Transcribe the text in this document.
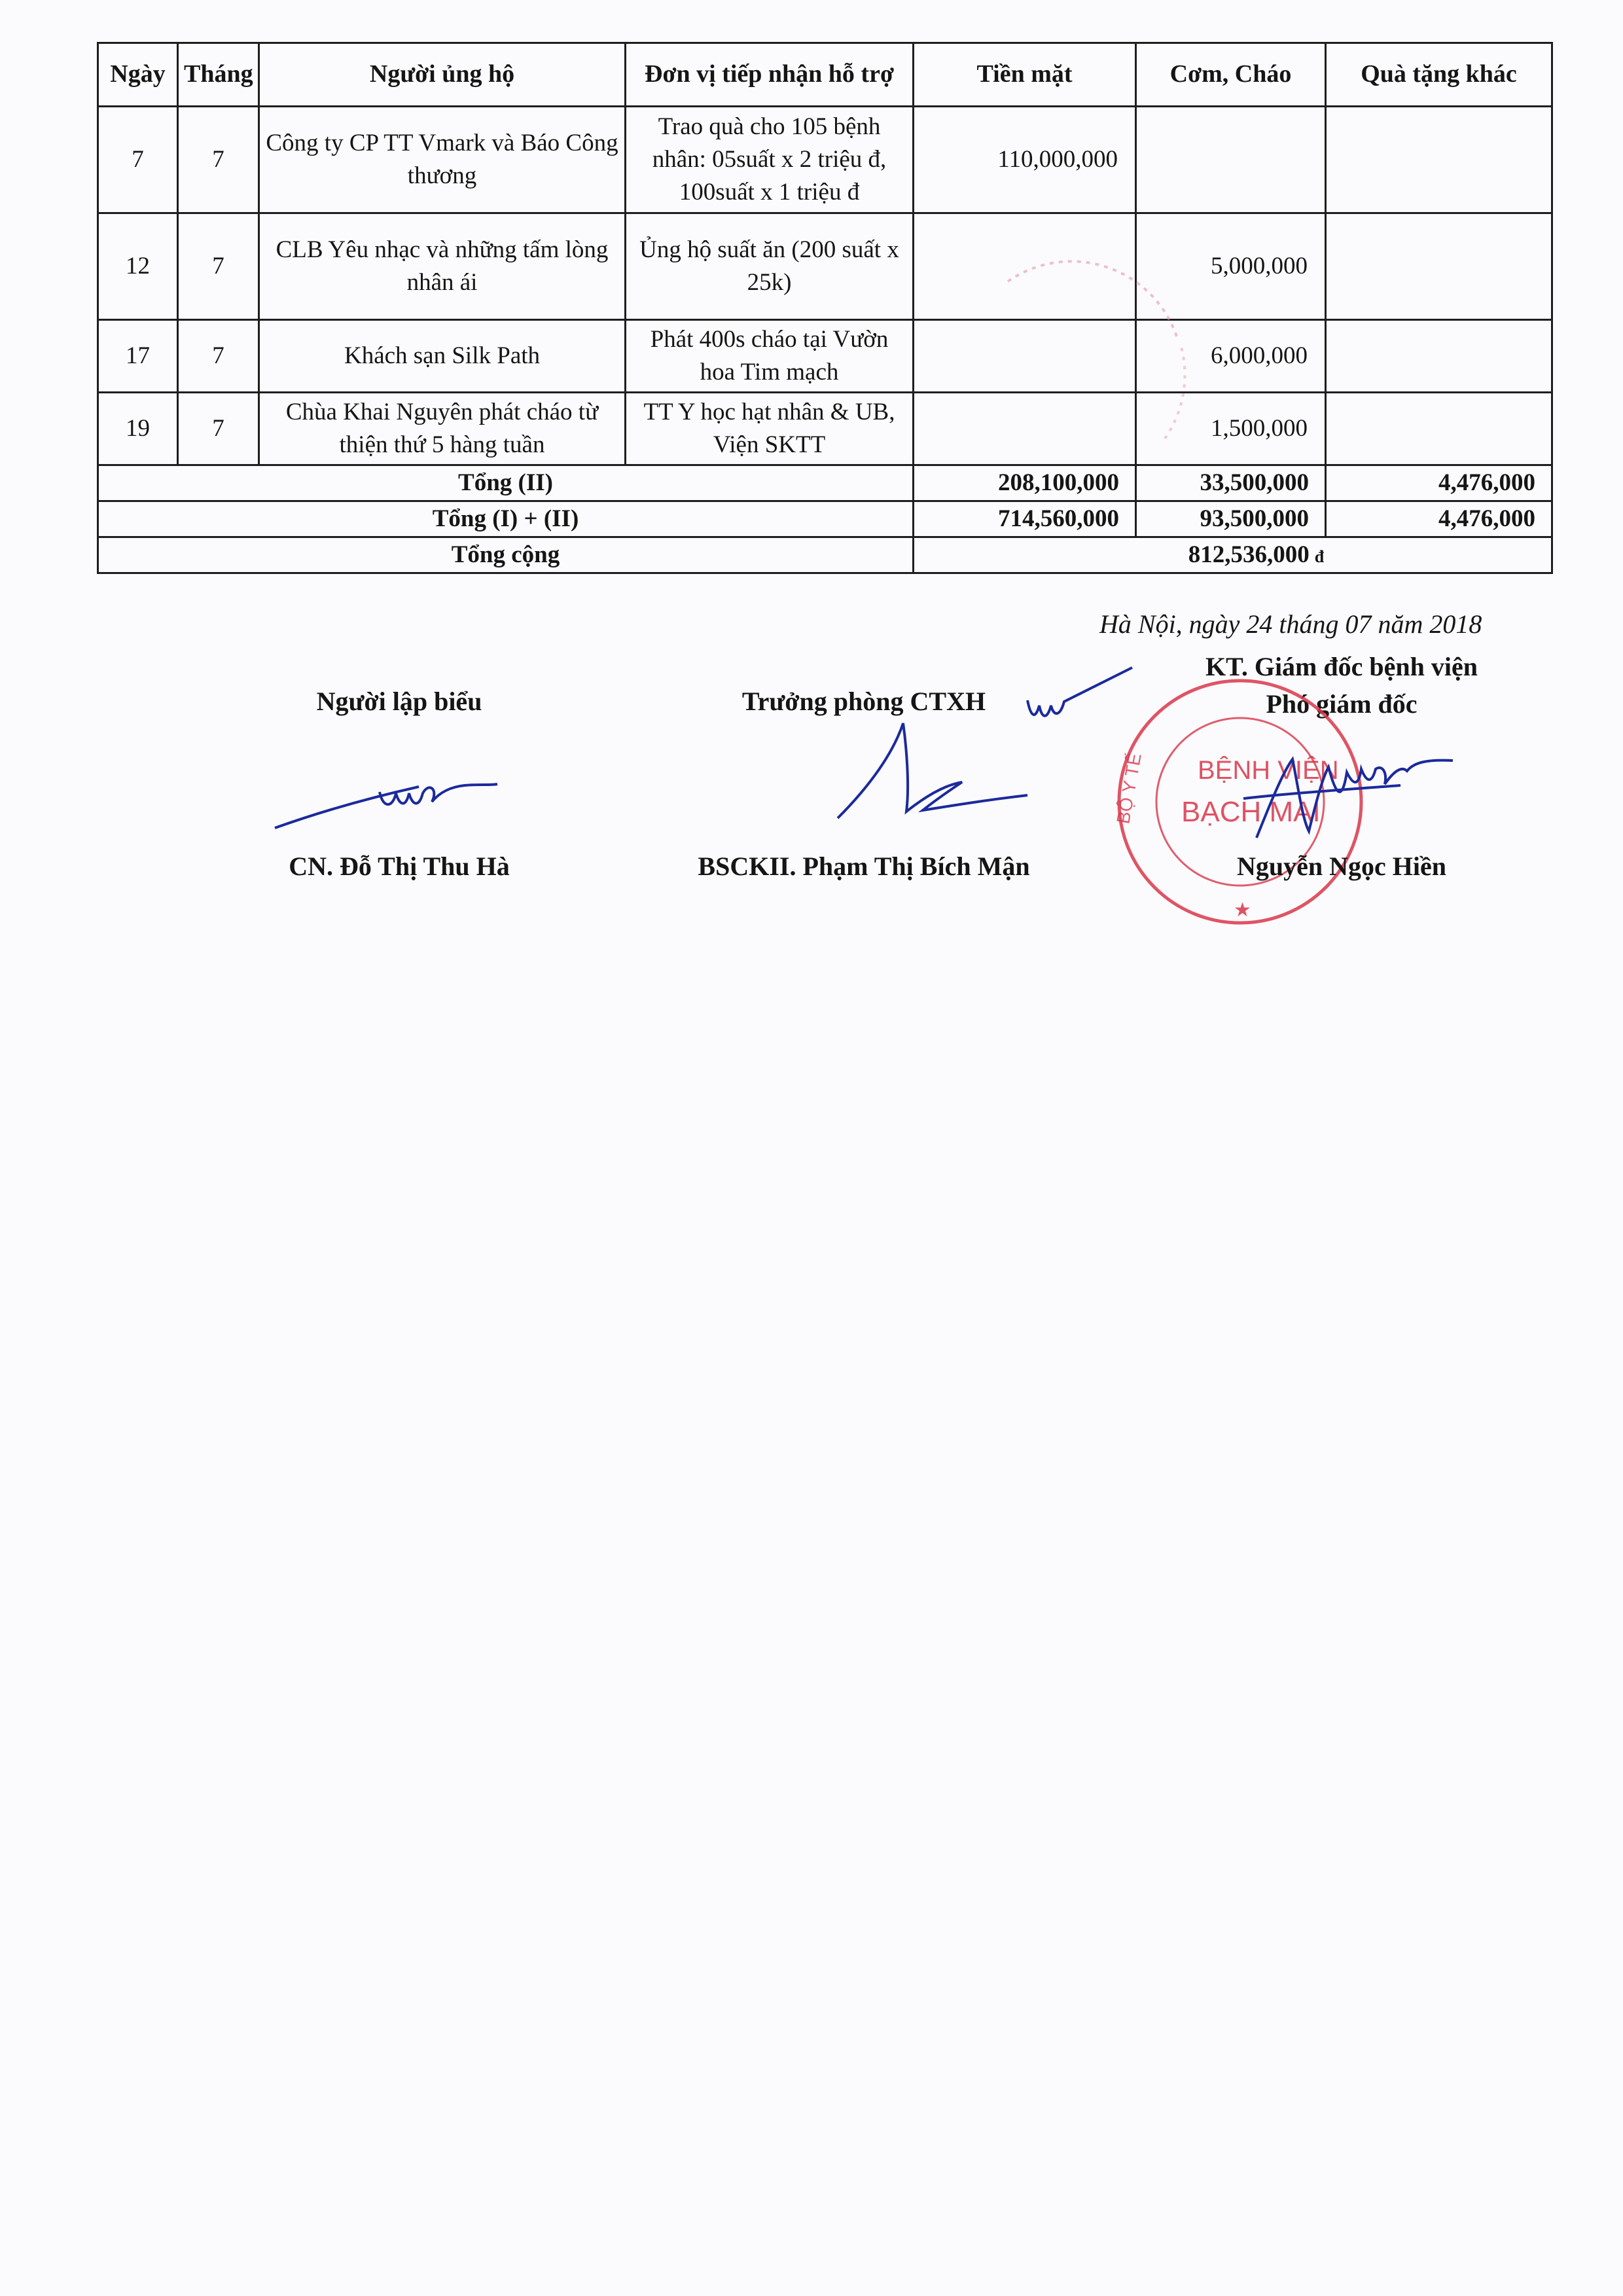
Ngày	Tháng	Người ủng hộ	Đơn vị tiếp nhận hỗ trợ	Tiền mặt	Cơm, Cháo	Quà tặng khác
7	7	Công ty CP TT Vmark và Báo Công thương	Trao quà cho 105 bệnh nhân: 05suất x 2 triệu đ, 100suất x 1 triệu đ	110,000,000		
12	7	CLB Yêu nhạc và những tấm lòng nhân ái	Ủng hộ suất ăn (200 suất x 25k)		5,000,000	
17	7	Khách sạn Silk Path	Phát 400s cháo tại Vườn hoa Tim mạch		6,000,000	
19	7	Chùa Khai Nguyên phát cháo từ thiện thứ 5 hàng tuần	TT Y học hạt nhân & UB, Viện SKTT		1,500,000	
Tổng (II)				208,100,000	33,500,000	4,476,000
Tổng (I) + (II)				714,560,000	93,500,000	4,476,000
Tổng cộng				812,536,000 đ		
Hà Nội, ngày 24 tháng 07 năm 2018
Người lập biểu
CN. Đỗ Thị Thu Hà
Trưởng phòng CTXH
BSCKII. Phạm Thị Bích Mận
KT. Giám đốc bệnh viện
Phó giám đốc
BỆNH VIỆN
BẠCH MAI
BỘ Y TẾ
★
Nguyễn Ngọc Hiền
